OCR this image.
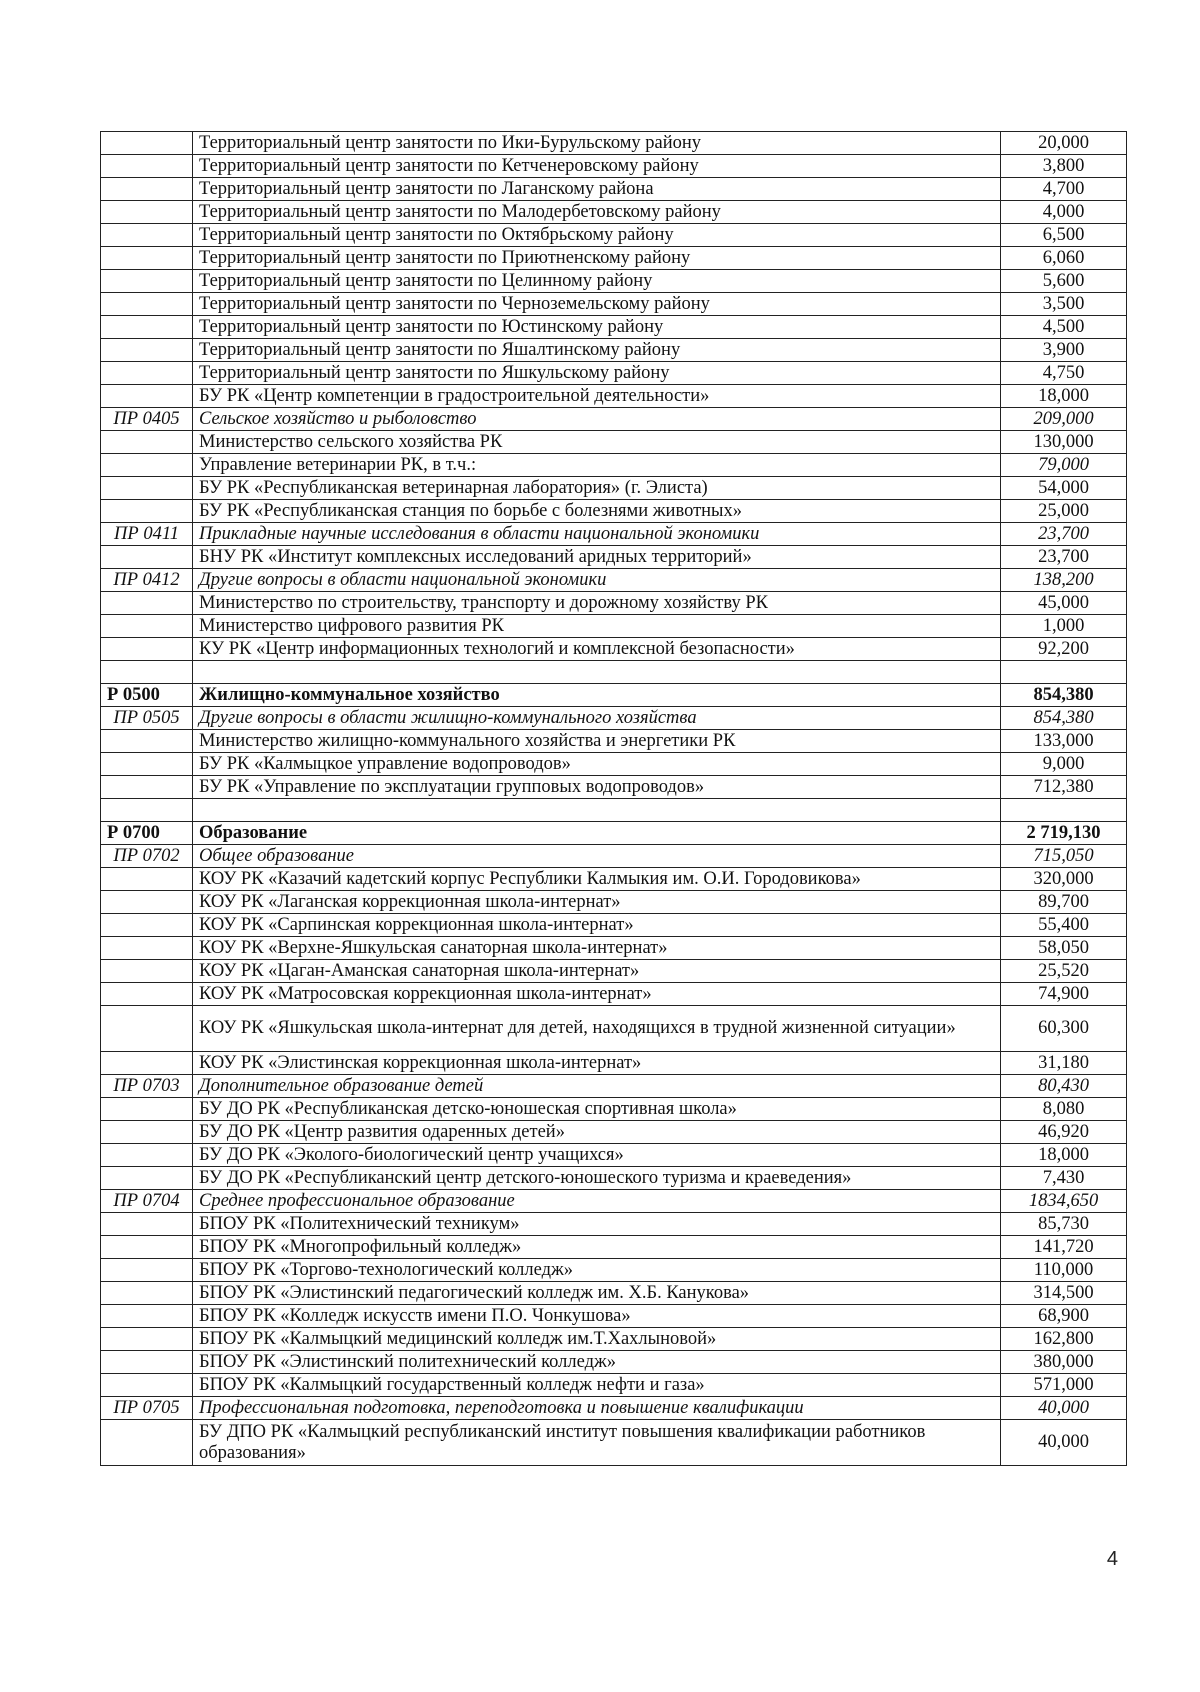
	Территориальный центр занятости по Ики-Бурульскому району	20,000
	Территориальный центр занятости по Кетченеровскому району	3,800
	Территориальный центр занятости по Лаганскому района	4,700
	Территориальный центр занятости по Малодербетовскому району	4,000
	Территориальный центр занятости по Октябрьскому району	6,500
	Территориальный центр занятости по Приютненскому району	6,060
	Территориальный центр занятости по Целинному району	5,600
	Территориальный центр занятости по Черноземельскому району	3,500
	Территориальный центр занятости по Юстинскому району	4,500
	Территориальный центр занятости по Яшалтинскому району	3,900
	Территориальный центр занятости по Яшкульскому району	4,750
	БУ РК «Центр компетенции в градостроительной деятельности»	18,000
ПР 0405	Сельское хозяйство и рыболовство	209,000
	Министерство сельского хозяйства РК	130,000
	Управление ветеринарии РК, в т.ч.:	79,000
	БУ РК «Республиканская ветеринарная лаборатория» (г. Элиста)	54,000
	БУ РК «Республиканская станция по борьбе с болезнями животных»	25,000
ПР 0411	Прикладные научные исследования в области национальной экономики	23,700
	БНУ РК «Институт комплексных исследований аридных территорий»	23,700
ПР 0412	Другие вопросы в области национальной экономики	138,200
	Министерство по строительству, транспорту и дорожному хозяйству РК	45,000
	Министерство цифрового развития РК	1,000
	КУ РК «Центр информационных технологий и комплексной безопасности»	92,200

Р 0500	Жилищно-коммунальное хозяйство	854,380
ПР 0505	Другие вопросы в области жилищно-коммунального хозяйства	854,380
	Министерство жилищно-коммунального хозяйства и энергетики РК	133,000
	БУ РК «Калмыцкое управление водопроводов»	9,000
	БУ РК «Управление по эксплуатации групповых водопроводов»	712,380

Р 0700	Образование	2 719,130
ПР 0702	Общее образование	715,050
	КОУ РК «Казачий кадетский корпус Республики Калмыкия им. О.И. Городовикова»	320,000
	КОУ РК «Лаганская коррекционная школа-интернат»	89,700
	КОУ РК «Сарпинская коррекционная школа-интернат»	55,400
	КОУ РК «Верхне-Яшкульская санаторная школа-интернат»	58,050
	КОУ РК «Цаган-Аманская санаторная школа-интернат»	25,520
	КОУ РК «Матросовская коррекционная школа-интернат»	74,900
	КОУ РК «Яшкульская школа-интернат для детей, находящихся в трудной жизненной ситуации»	60,300
	КОУ РК «Элистинская коррекционная школа-интернат»	31,180
ПР 0703	Дополнительное образование детей	80,430
	БУ ДО РК «Республиканская детско-юношеская спортивная школа»	8,080
	БУ ДО РК «Центр развития одаренных детей»	46,920
	БУ ДО РК «Эколого-биологический центр учащихся»	18,000
	БУ ДО РК «Республиканский центр детского-юношеского туризма и краеведения»	7,430
ПР 0704	Среднее профессиональное образование	1834,650
	БПОУ РК «Политехнический техникум»	85,730
	БПОУ РК «Многопрофильный колледж»	141,720
	БПОУ РК «Торгово-технологический колледж»	110,000
	БПОУ РК «Элистинский педагогический колледж им. Х.Б. Канукова»	314,500
	БПОУ РК «Колледж искусств имени П.О. Чонкушова»	68,900
	БПОУ РК «Калмыцкий медицинский колледж им.Т.Хахлыновой»	162,800
	БПОУ РК «Элистинский политехнический колледж»	380,000
	БПОУ РК «Калмыцкий государственный колледж нефти и газа»	571,000
ПР 0705	Профессиональная подготовка, переподготовка и повышение квалификации	40,000
	БУ ДПО РК «Калмыцкий республиканский институт повышения квалификации работников образования»	40,000
4
